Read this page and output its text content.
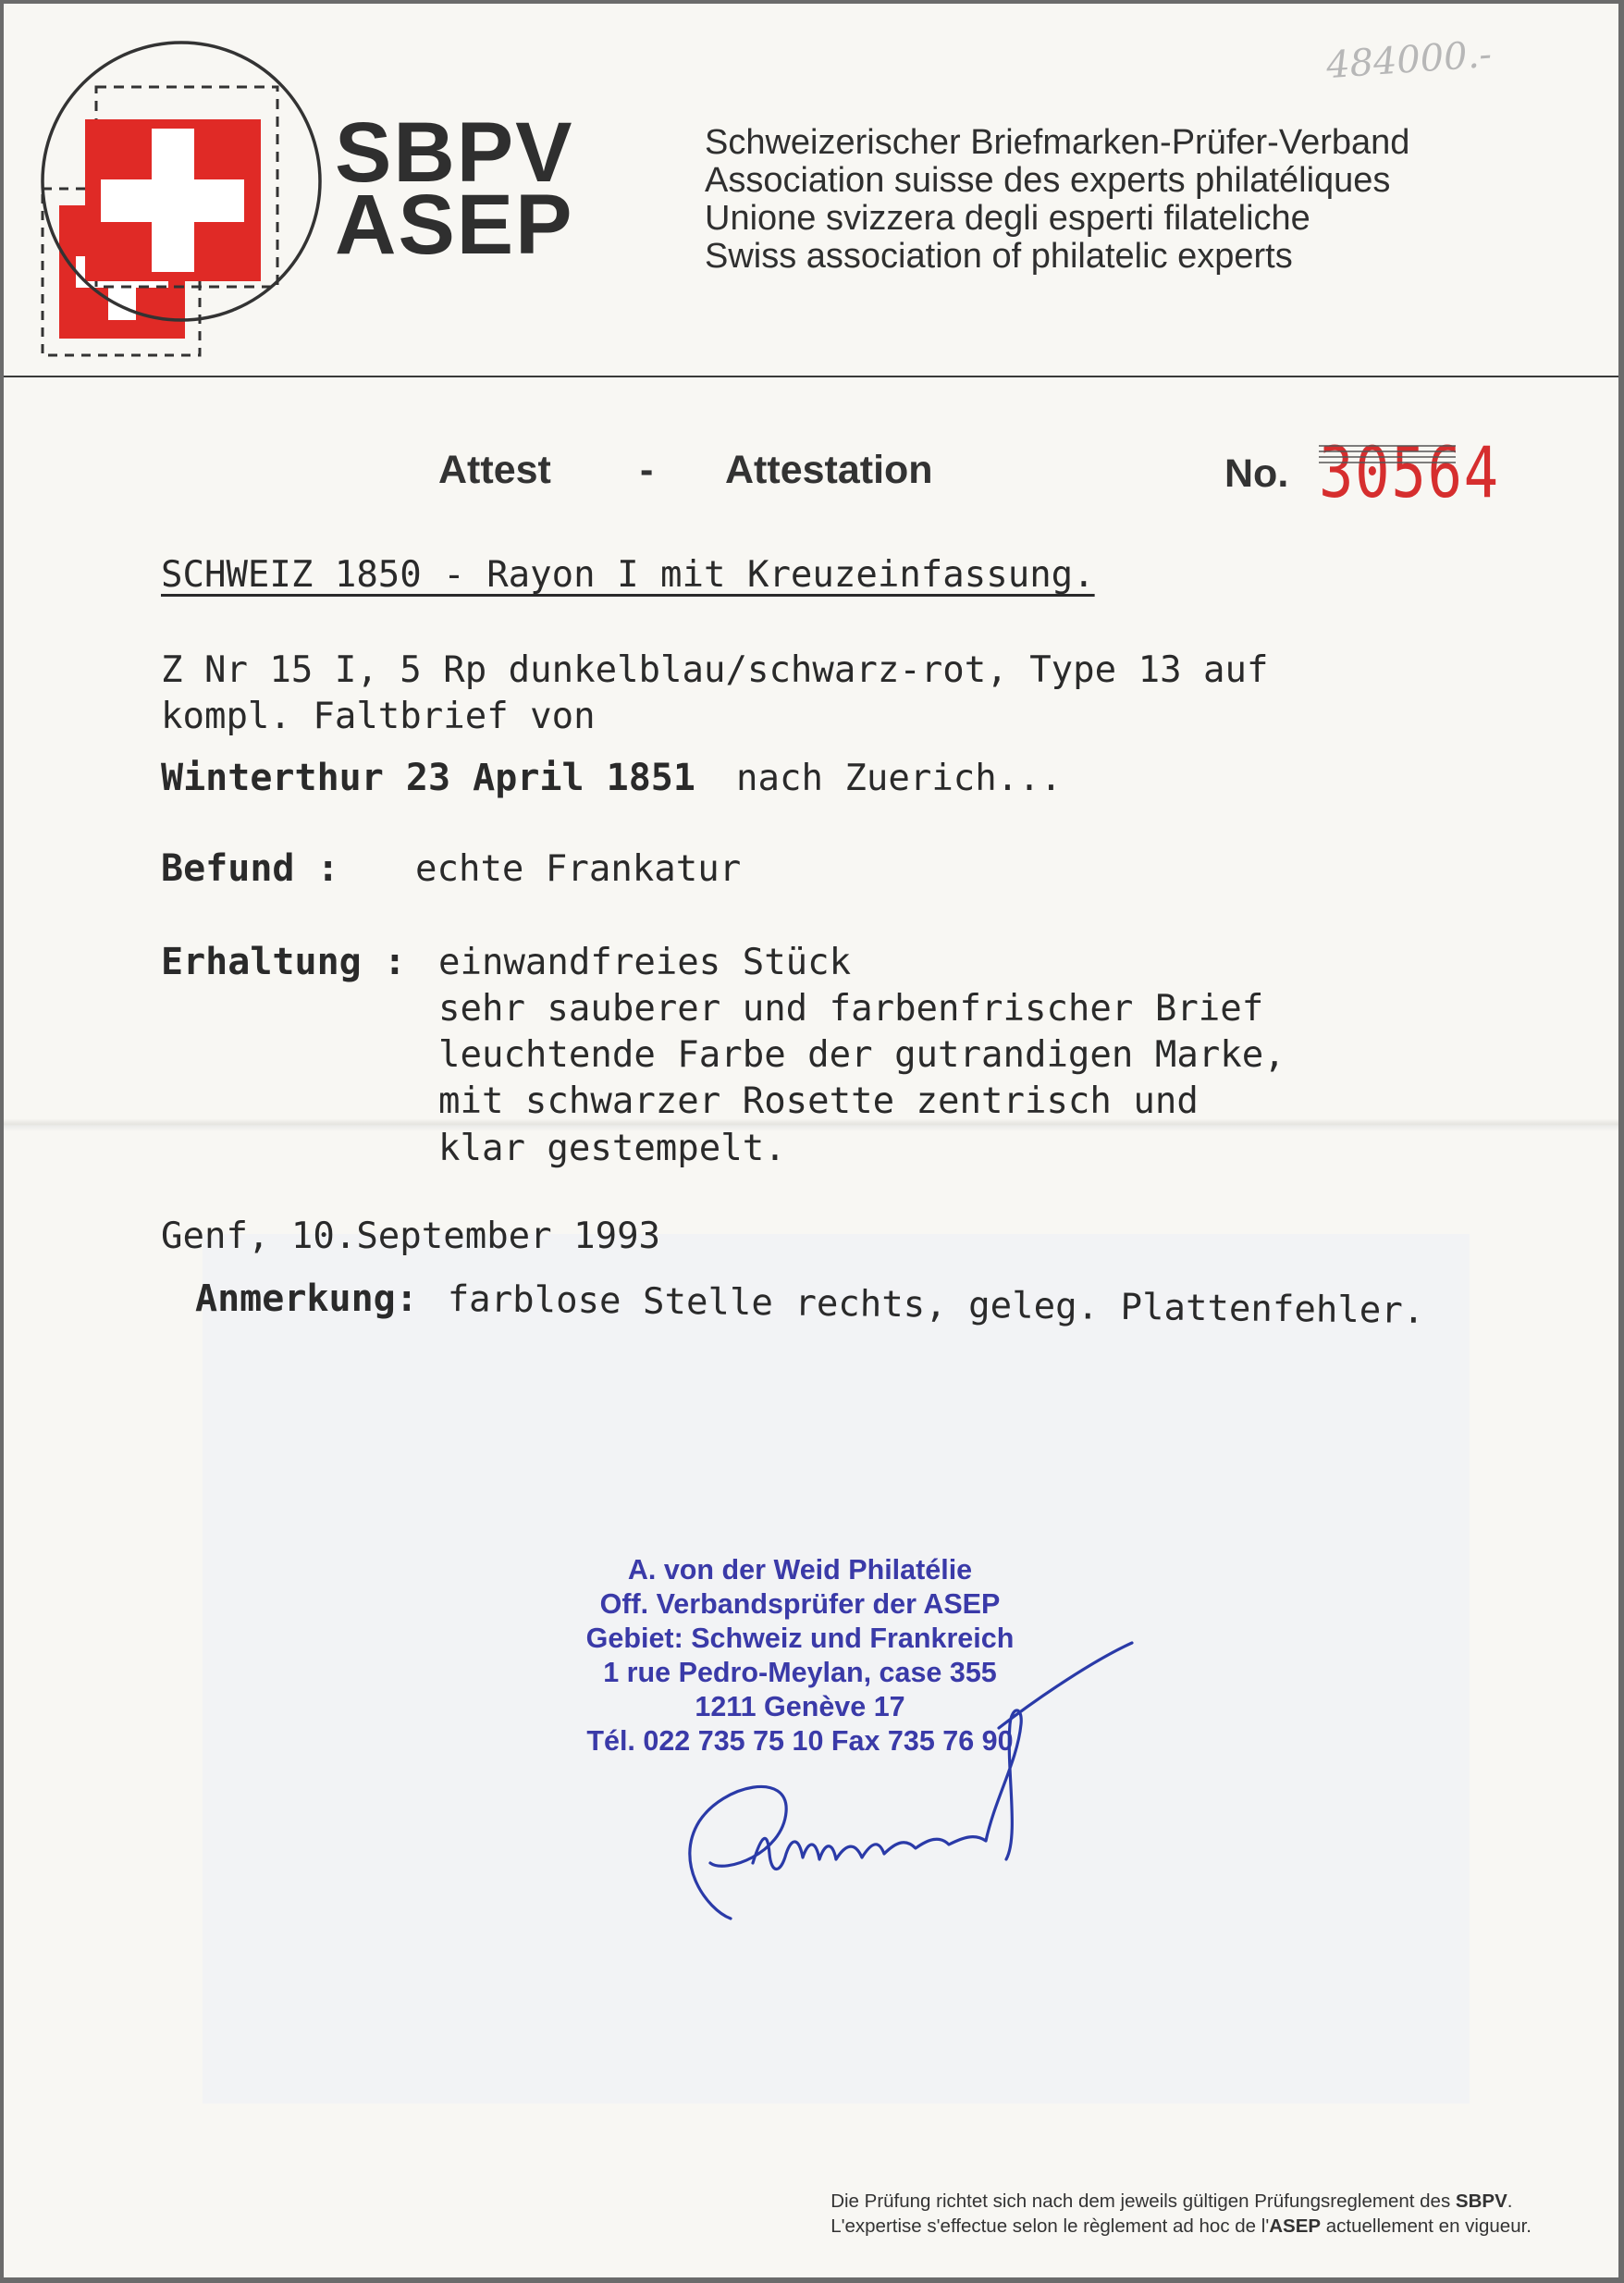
SBPV
ASEP
Schweizerischer Briefmarken-Prüfer-Verband
Association suisse des experts philatéliques
Unione svizzera degli esperti filateliche
Swiss association of philatelic experts
484000.-
Attest - Attestation	No. 30564
SCHWEIZ 1850 - Rayon I mit Kreuzeinfassung.
Z Nr 15 I, 5 Rp dunkelblau/schwarz-rot, Type 13 auf
kompl. Faltbrief von
Winterthur 23 April 1851 nach Zuerich...
Befund : echte Frankatur
Erhaltung : einwandfreies Stück
sehr sauberer und farbenfrischer Brief
leuchtende Farbe der gutrandigen Marke,
mit schwarzer Rosette zentrisch und
klar gestempelt.
Genf, 10.September 1993
Anmerkung: farblose Stelle rechts, geleg. Plattenfehler.
A. von der Weid Philatélie
Off. Verbandsprüfer der ASEP
Gebiet: Schweiz und Frankreich
1 rue Pedro-Meylan, case 355
1211 Genève 17
Tél. 022 735 75 10 Fax 735 76 90
Die Prüfung richtet sich nach dem jeweils gültigen Prüfungsreglement des SBPV.
L'expertise s'effectue selon le règlement ad hoc de l'ASEP actuellement en vigueur.
